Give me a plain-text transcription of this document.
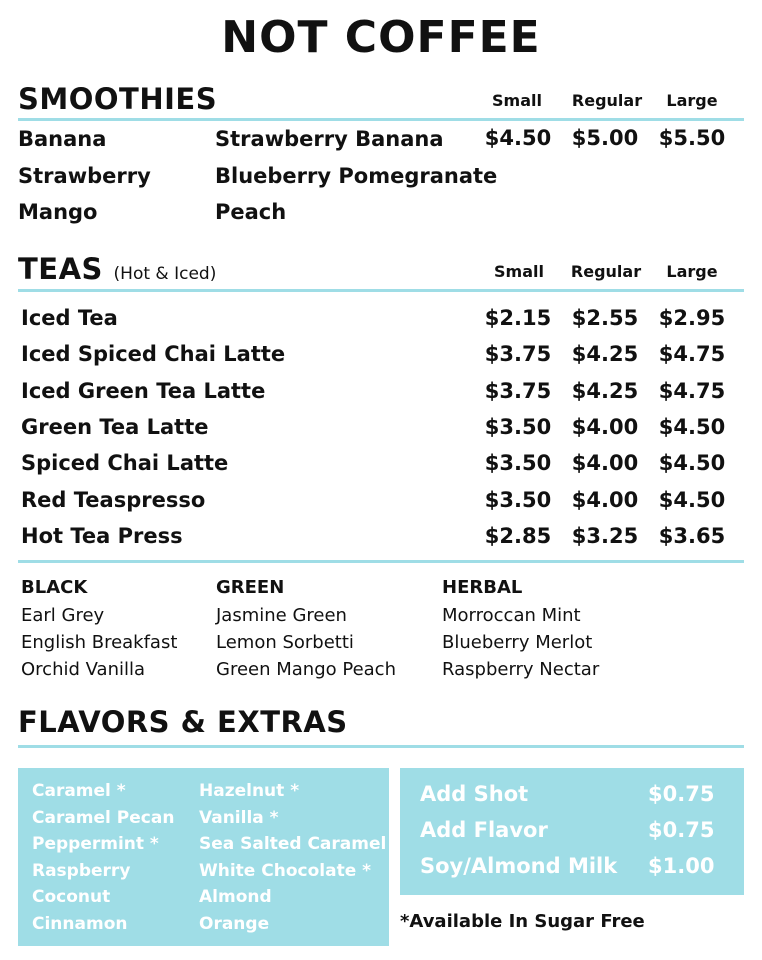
NOT COFFEE
SMOOTHIES	Small	Regular	Large
Banana
Strawberry
Mango
Strawberry Banana
Blueberry Pomegranate
Peach
$4.50 $5.00 $5.50
TEAS (Hot & Iced)	Small	Regular	Large
Iced Tea	$2.15 $2.55 $2.95
Iced Spiced Chai Latte	$3.75 $4.25 $4.75
Iced Green Tea Latte	$3.75 $4.25 $4.75
Green Tea Latte	$3.50 $4.00 $4.50
Spiced Chai Latte	$3.50 $4.00 $4.50
Red Teaspresso	$3.50 $4.00 $4.50
Hot Tea Press	$2.85 $3.25 $3.65
BLACK
Earl Grey
English Breakfast
Orchid Vanilla
GREEN
Jasmine Green
Lemon Sorbetti
Green Mango Peach
HERBAL
Morroccan Mint
Blueberry Merlot
Raspberry Nectar
FLAVORS & EXTRAS
Caramel *
Caramel Pecan
Peppermint *
Raspberry
Coconut
Cinnamon
Hazelnut *
Vanilla *
Sea Salted Caramel
White Chocolate *
Almond
Orange
Add Shot	$0.75
Add Flavor	$0.75
Soy/Almond Milk $1.00
*Available In Sugar Free
